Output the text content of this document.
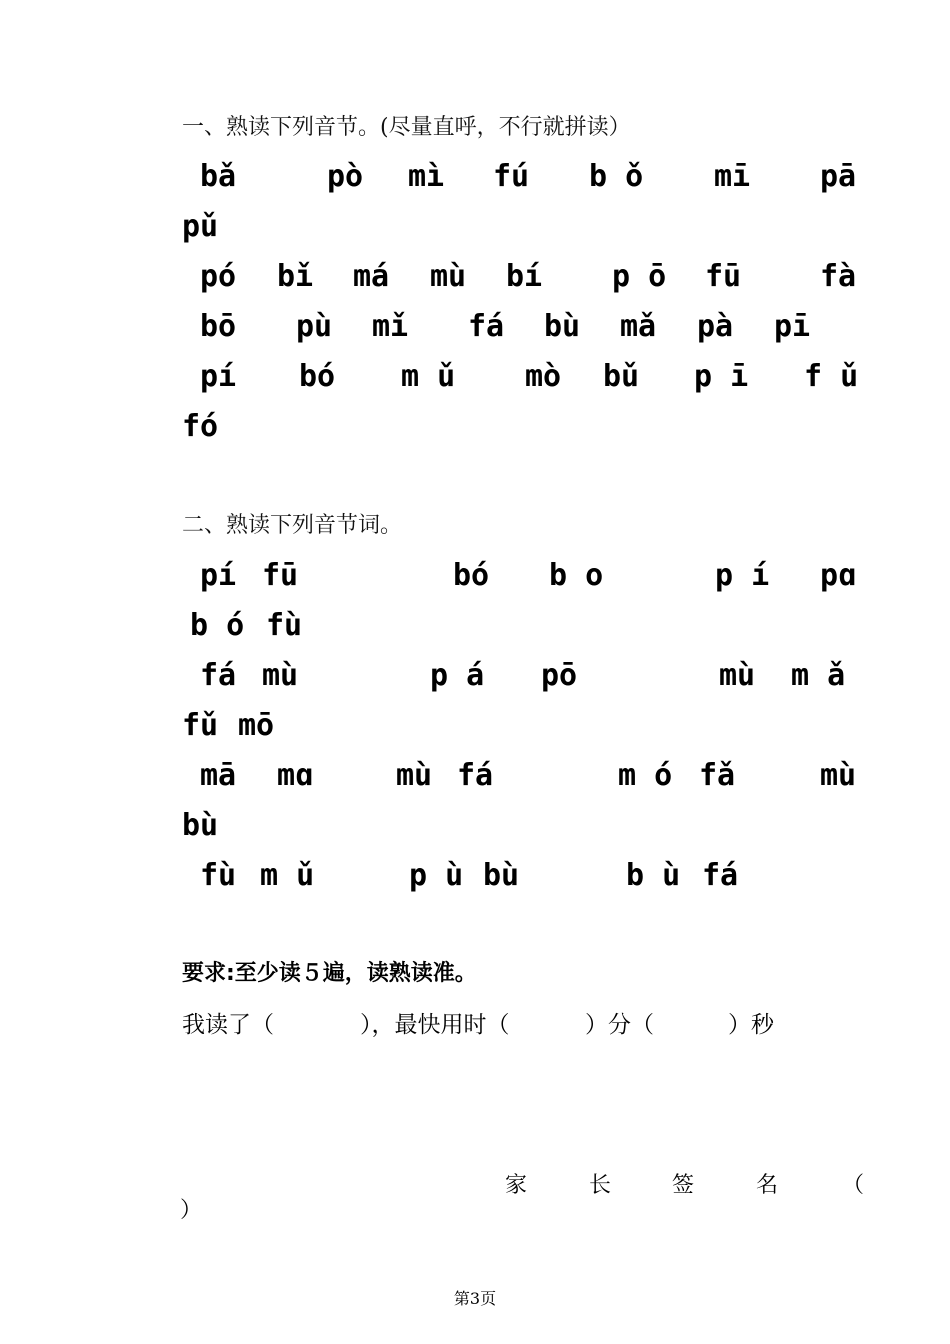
一、熟读下列音节。(尽量直呼，不行就拼读）
bǎ	pò mì fú b ǒ mī pā
pǔ
pó bǐ má mù bí p ō fū	fà
bō pù mǐ fá bù mǎ pà pī
pí bó m ǔ mò bǔ p ī f ǔ
fó
二、熟读下列音节词。
pí fū	bó b o	p í pɑ
b ó fù
fá mù	p á pō	mù m ǎ
fǔ mō
mā mɑ	mù fá	m ó fǎ	mù
bù
fù m ǔ	p ù bù	b ù fá
要求:至少读５遍，读熟读准。
我读了（	），最快用时（	）分（	）秒
家	长	签	名	（
）
第3页
